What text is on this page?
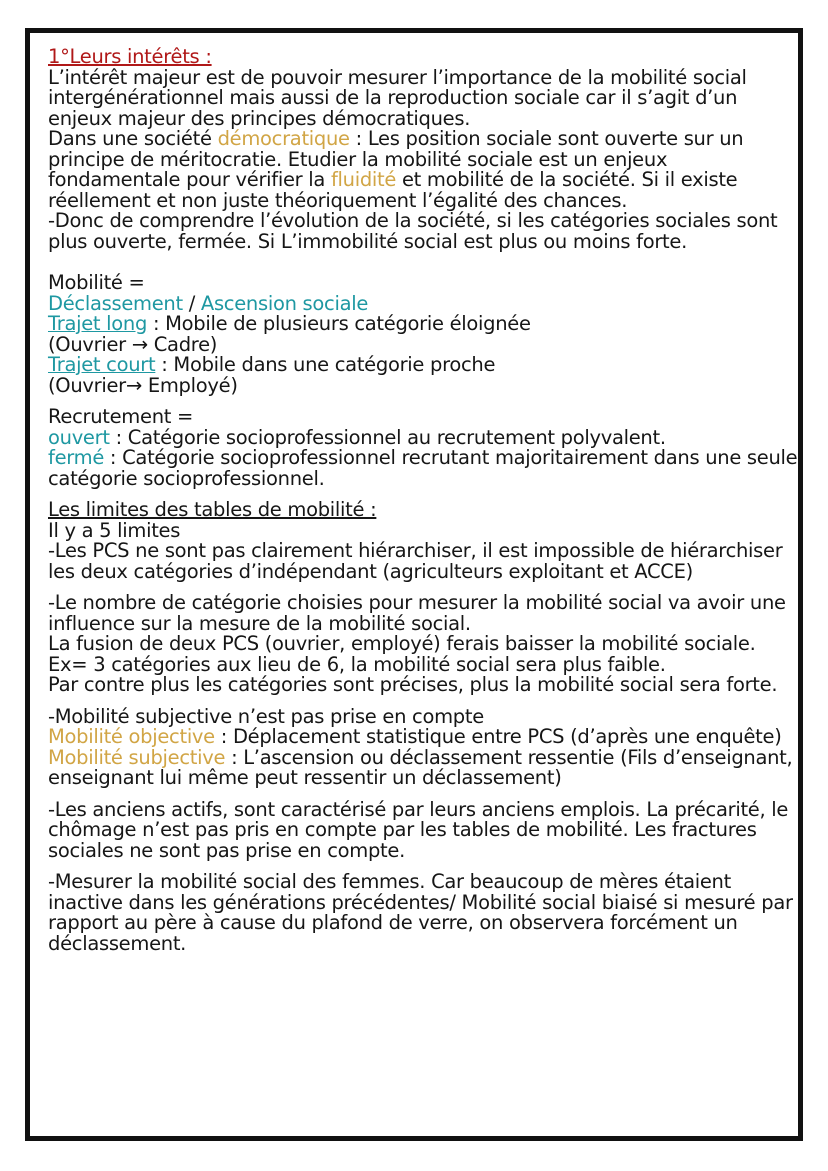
1°Leurs intérêts :

L’intérêt majeur est de pouvoir mesurer l’importance de la mobilité social intergénérationnel mais aussi de la reproduction sociale car il s’agit d’un enjeux majeur des principes démocratiques.

Dans une société démocratique : Les position sociale sont ouverte sur un principe de méritocratie. Etudier la mobilité sociale est un enjeux fondamentale pour vérifier la fluidité et mobilité de la société. Si il existe réellement et non juste théoriquement l’égalité des chances.

-Donc de comprendre l’évolution de la société, si les catégories sociales sont plus ouverte, fermée. Si L’immobilité social est plus ou moins forte.

Mobilité =

Déclassement / Ascension sociale

Trajet long : Mobile de plusieurs catégorie éloignée

(Ouvrier → Cadre)

Trajet court : Mobile dans une catégorie proche

(Ouvrier→ Employé)

Recrutement =

ouvert : Catégorie socioprofessionnel au recrutement polyvalent.

fermé : Catégorie socioprofessionnel recrutant majoritairement dans une seule catégorie socioprofessionnel.

Les limites des tables de mobilité :

Il y a 5 limites

-Les PCS ne sont pas clairement hiérarchiser, il est impossible de hiérarchiser les deux catégories d’indépendant (agriculteurs exploitant et ACCE)

-Le nombre de catégorie choisies pour mesurer la mobilité social va avoir une influence sur la mesure de la mobilité social.

La fusion de deux PCS (ouvrier, employé) ferais baisser la mobilité sociale.

Ex= 3 catégories aux lieu de 6, la mobilité social sera plus faible.

Par contre plus les catégories sont précises, plus la mobilité social sera forte.

-Mobilité subjective n’est pas prise en compte

Mobilité objective : Déplacement statistique entre PCS (d’après une enquête)

Mobilité subjective : L’ascension ou déclassement ressentie (Fils d’enseignant, enseignant lui même peut ressentir un déclassement)

-Les anciens actifs, sont caractérisé par leurs anciens emplois. La précarité, le chômage n’est pas pris en compte par les tables de mobilité. Les fractures sociales ne sont pas prise en compte.

-Mesurer la mobilité social des femmes. Car beaucoup de mères étaient inactive dans les générations précédentes/ Mobilité social biaisé si mesuré par rapport au père à cause du plafond de verre, on observera forcément un déclassement.
